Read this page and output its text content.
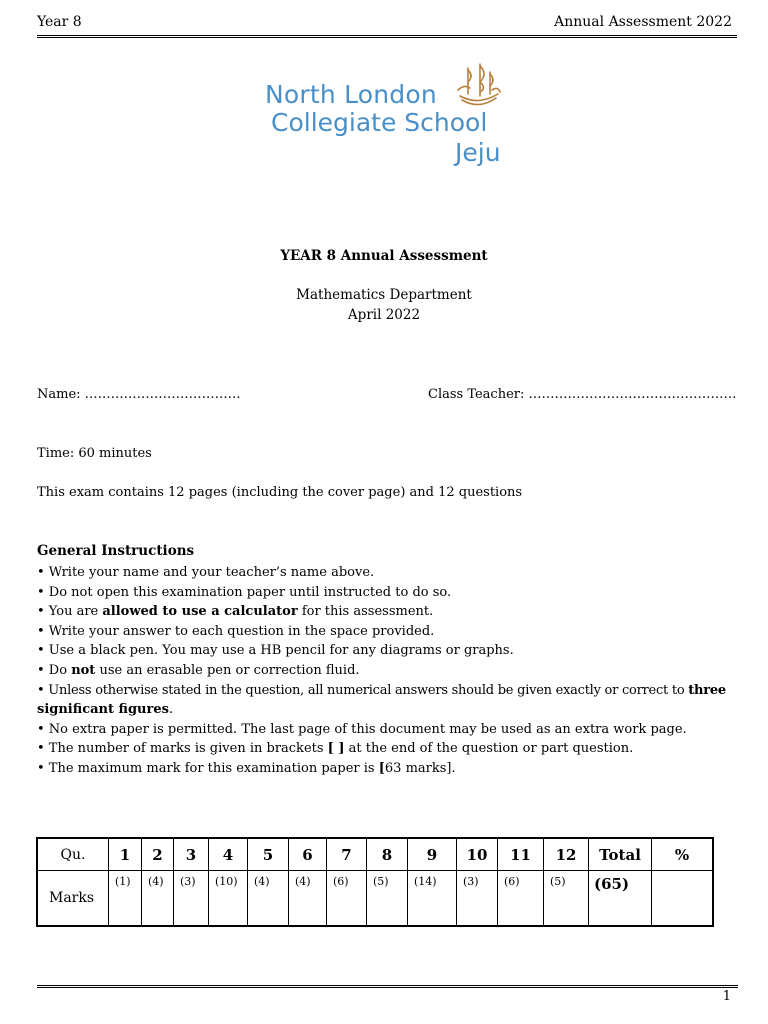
Year 8	Annual Assessment 2022
North London
Collegiate School
Jeju
YEAR 8 Annual Assessment
Mathematics Department
April 2022
Name: ………………………………	Class Teacher: …………………………………………
Time: 60 minutes
This exam contains 12 pages (including the cover page) and 12 questions
General Instructions
• Write your name and your teacher’s name above.
• Do not open this examination paper until instructed to do so.
• You are allowed to use a calculator for this assessment.
• Write your answer to each question in the space provided.
• Use a black pen. You may use a HB pencil for any diagrams or graphs.
• Do not use an erasable pen or correction fluid.
• Unless otherwise stated in the question, all numerical answers should be given exactly or correct to three
significant figures.
• No extra paper is permitted. The last page of this document may be used as an extra work page.
• The number of marks is given in brackets [ ] at the end of the question or part question.
• The maximum mark for this examination paper is [63 marks].
Qu.	1	2	3	4	5	6	7	8	9	10	11	12	Total	%
Marks	(1)	(4)	(3)	(10)	(4)	(4)	(6)	(5)	(14)	(3)	(6)	(5)	(65)	
1
